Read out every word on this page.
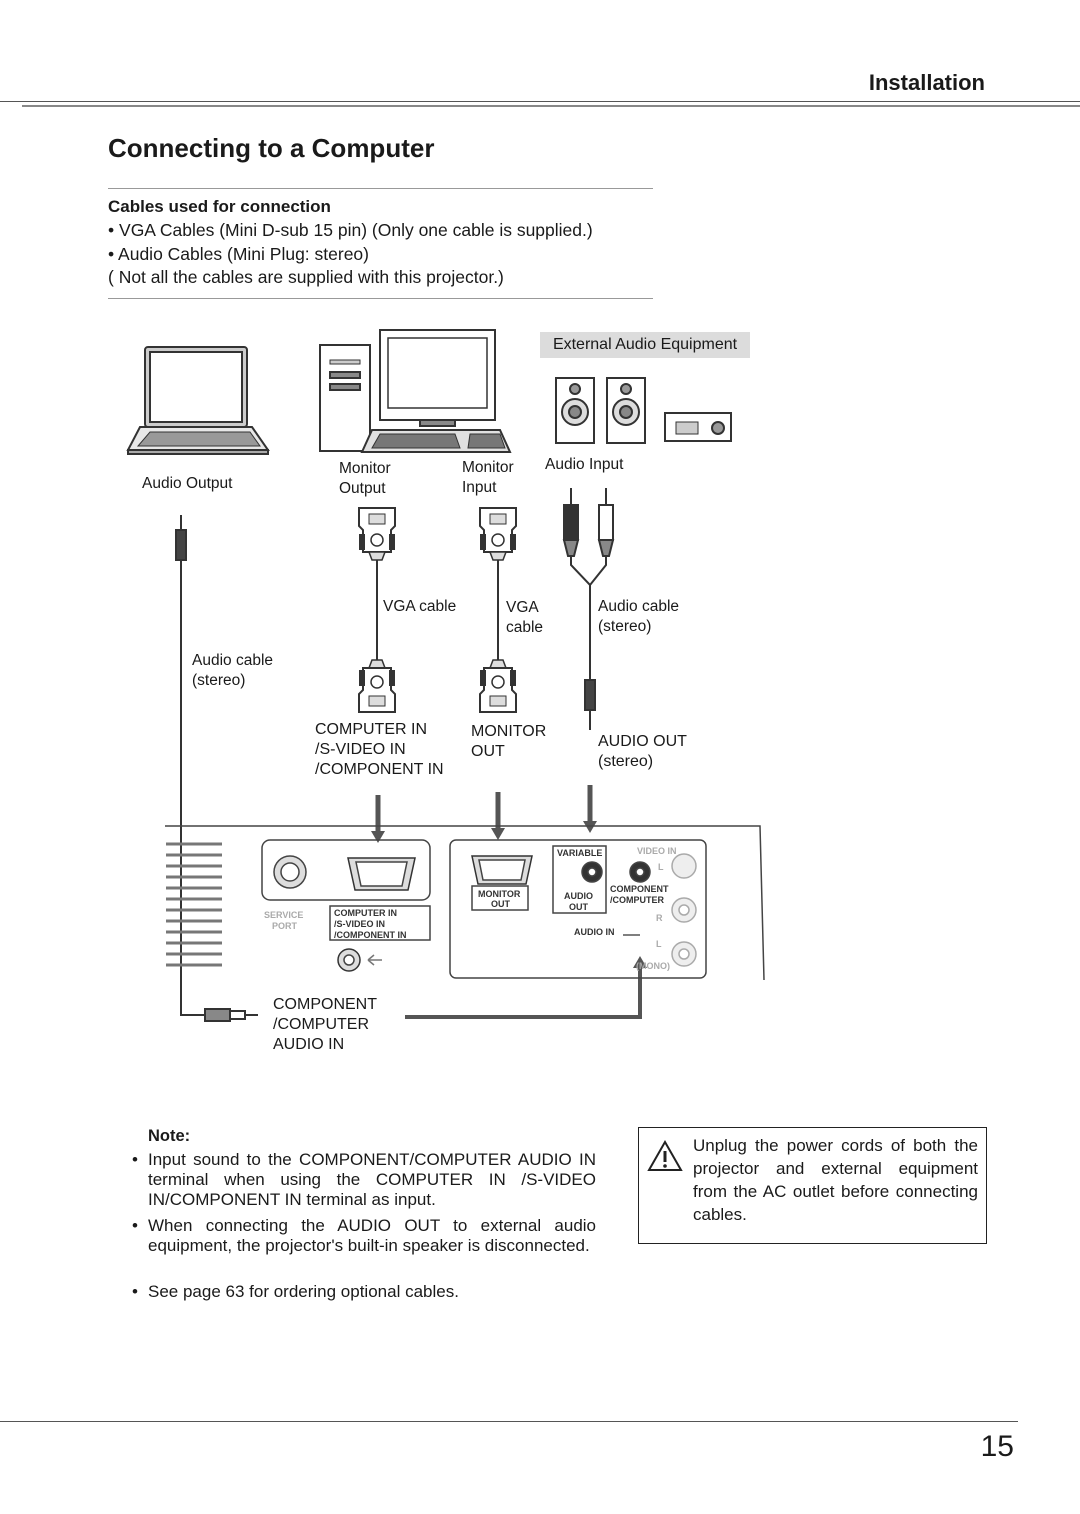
Installation
Connecting to a Computer
Cables used for connection
• VGA Cables (Mini D-sub 15 pin) (Only one cable is supplied.)
• Audio Cables (Mini Plug: stereo)
( Not all the cables are supplied with this projector.)
SERVICE
PORT
COMPUTER IN
/S-VIDEO IN
/COMPONENT IN
MONITOR
OUT
VARIABLE
AUDIO
OUT
VIDEO IN
COMPONENT
/COMPUTER
AUDIO IN
R
L
L
(MONO)
External Audio Equipment
Audio Output
Monitor
Output
Monitor
Input
Audio Input
VGA cable	VGA
cable
Audio cable
(stereo)
Audio cable
(stereo)
COMPUTER IN
/S-VIDEO IN
/COMPONENT IN
MONITOR
OUT
AUDIO OUT
(stereo)
COMPONENT
/COMPUTER
AUDIO IN
Note:
• Input sound to the COMPONENT/COMPUTER AUDIO IN terminal when using the COMPUTER IN /S-VIDEO IN/COMPONENT IN terminal as input.
• When connecting the AUDIO OUT to external audio equipment, the projector's built-in speaker is disconnected.
• See page 63 for ordering optional cables.
Unplug the power cords of both the projector and external equipment from the AC outlet before connecting cables.
15
